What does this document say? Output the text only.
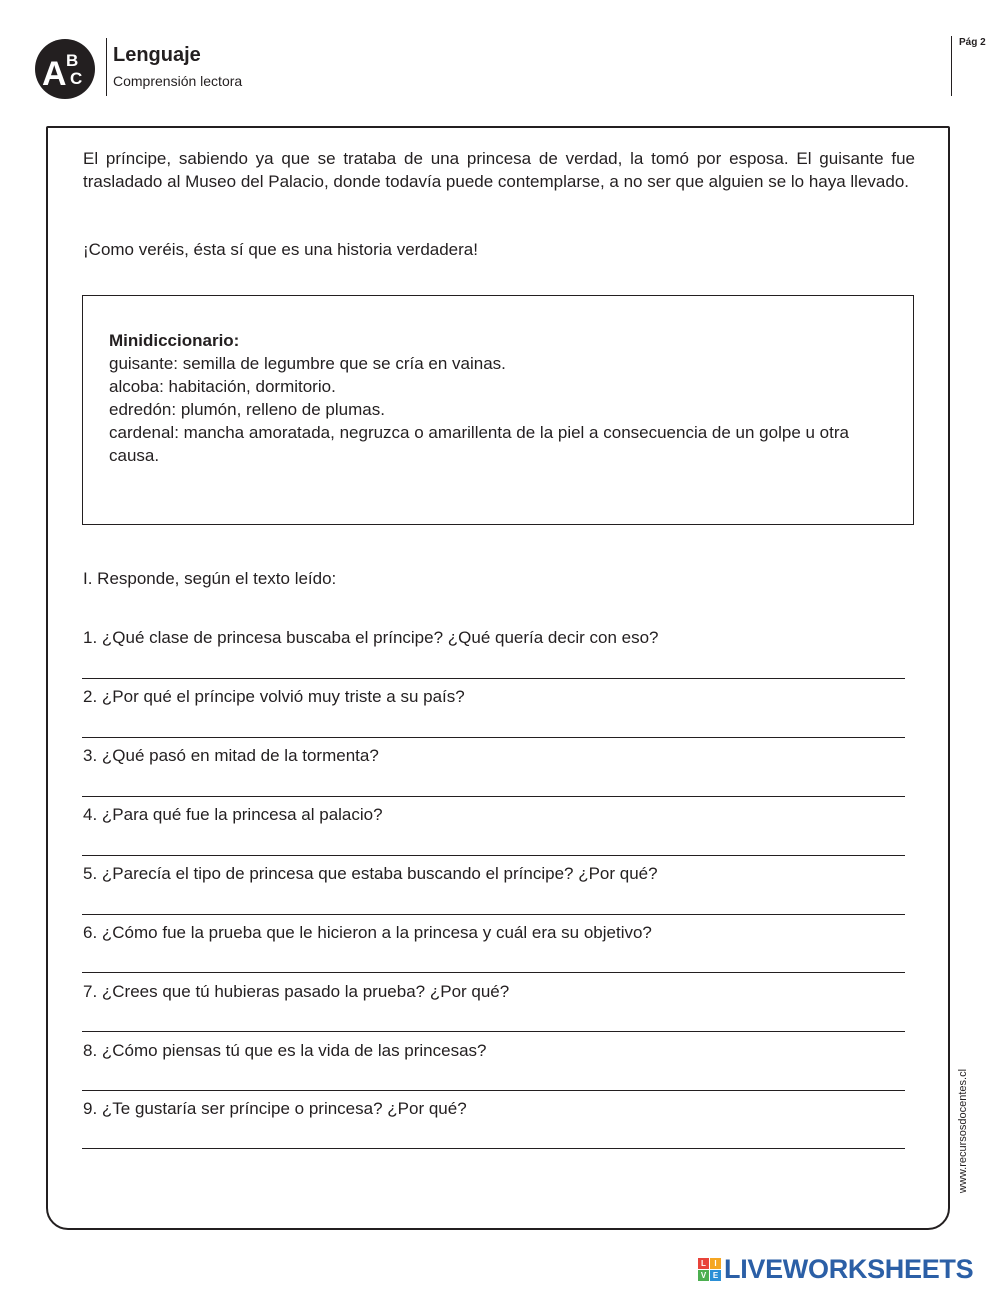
A B
C
Lenguaje
Comprensión lectora
Pág 2
El príncipe, sabiendo ya que se trataba de una princesa de verdad, la tomó por esposa. El guisante fue trasladado al Museo del Palacio, donde todavía puede contemplarse, a no ser que alguien se lo haya llevado.
¡Como veréis, ésta sí que es una historia verdadera!
Minidiccionario:
guisante: semilla de legumbre que se cría en vainas.
alcoba: habitación, dormitorio.
edredón: plumón, relleno de plumas.
cardenal: mancha amoratada, negruzca o amarillenta de la piel a consecuencia de un golpe u otra causa.
I. Responde, según el texto leído:
1. ¿Qué clase de princesa buscaba el príncipe? ¿Qué quería decir con eso?
2. ¿Por qué el príncipe volvió muy triste a su país?
3. ¿Qué pasó en mitad de la tormenta?
4. ¿Para qué fue la princesa al palacio?
5. ¿Parecía el tipo de princesa que estaba buscando el príncipe? ¿Por qué?
6. ¿Cómo fue la prueba que le hicieron a la princesa y cuál era su objetivo?
7. ¿Crees que tú hubieras pasado la prueba? ¿Por qué?
8. ¿Cómo piensas tú que es la vida de las princesas?
9. ¿Te gustaría ser príncipe o princesa? ¿Por qué?	www.recursosdocentes.cl
L	I
V E LIVEWORKSHEETS
